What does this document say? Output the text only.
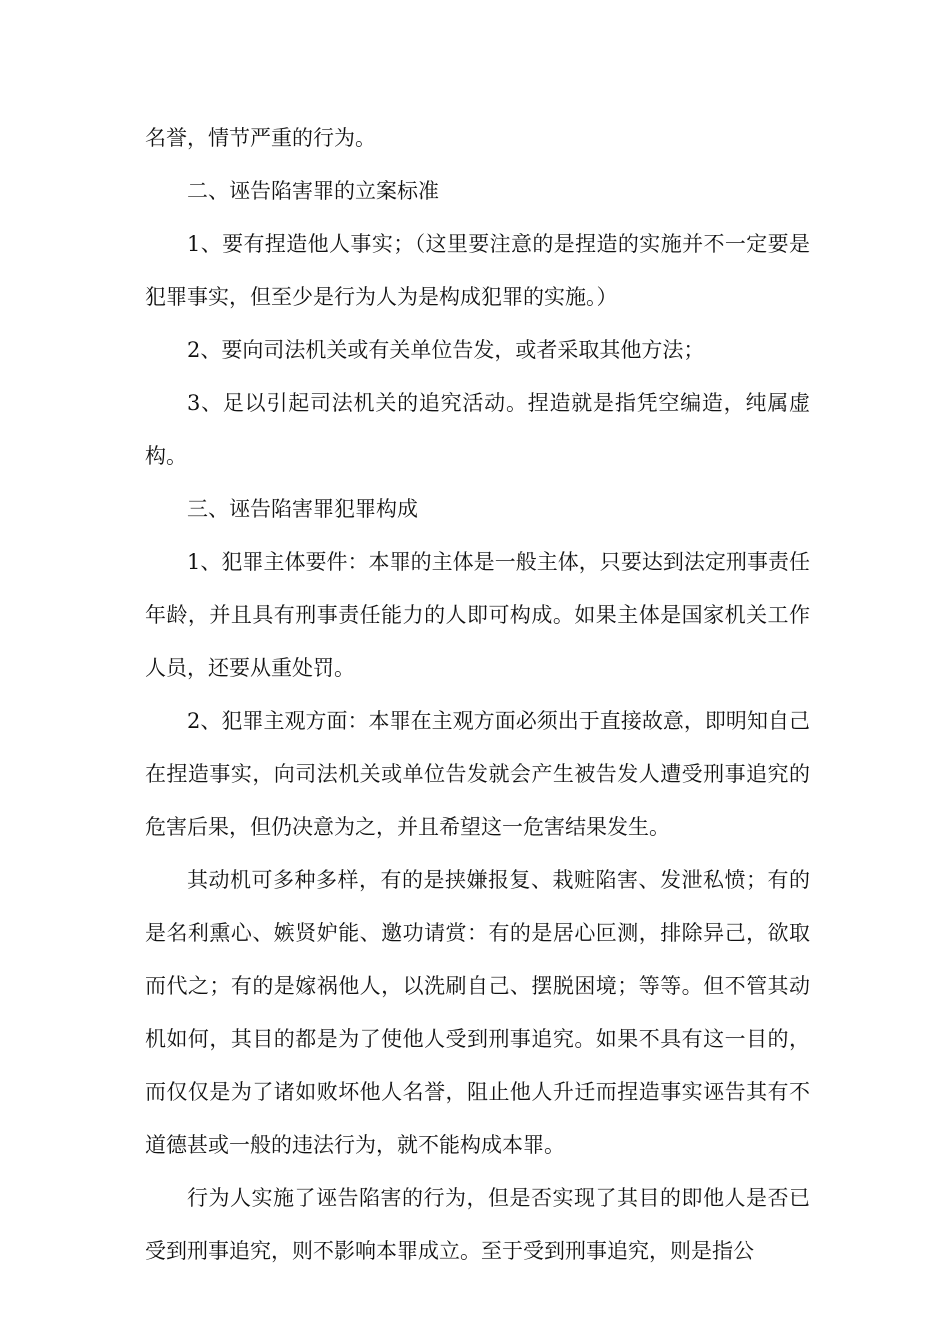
名誉，情节严重的行为。

二、诬告陷害罪的立案标准

1、要有捏造他人事实；（这里要注意的是捏造的实施并不一定要是犯罪事实，但至少是行为人为是构成犯罪的实施。）

2、要向司法机关或有关单位告发，或者采取其他方法；

3、足以引起司法机关的追究活动。捏造就是指凭空编造，纯属虚构。

三、诬告陷害罪犯罪构成

1、犯罪主体要件：本罪的主体是一般主体，只要达到法定刑事责任年龄，并且具有刑事责任能力的人即可构成。如果主体是国家机关工作人员，还要从重处罚。

2、犯罪主观方面：本罪在主观方面必须出于直接故意，即明知自己在捏造事实，向司法机关或单位告发就会产生被告发人遭受刑事追究的危害后果，但仍决意为之，并且希望这一危害结果发生。

其动机可多种多样，有的是挟嫌报复、栽赃陷害、发泄私愤；有的是名利熏心、嫉贤妒能、邀功请赏：有的是居心叵测，排除异己，欲取而代之；有的是嫁祸他人，以洗刷自己、摆脱困境；等等。但不管其动机如何，其目的都是为了使他人受到刑事追究。如果不具有这一目的，而仅仅是为了诸如败坏他人名誉，阻止他人升迁而捏造事实诬告其有不道德甚或一般的违法行为，就不能构成本罪。

行为人实施了诬告陷害的行为，但是否实现了其目的即他人是否已受到刑事追究，则不影响本罪成立。至于受到刑事追究，则是指公
